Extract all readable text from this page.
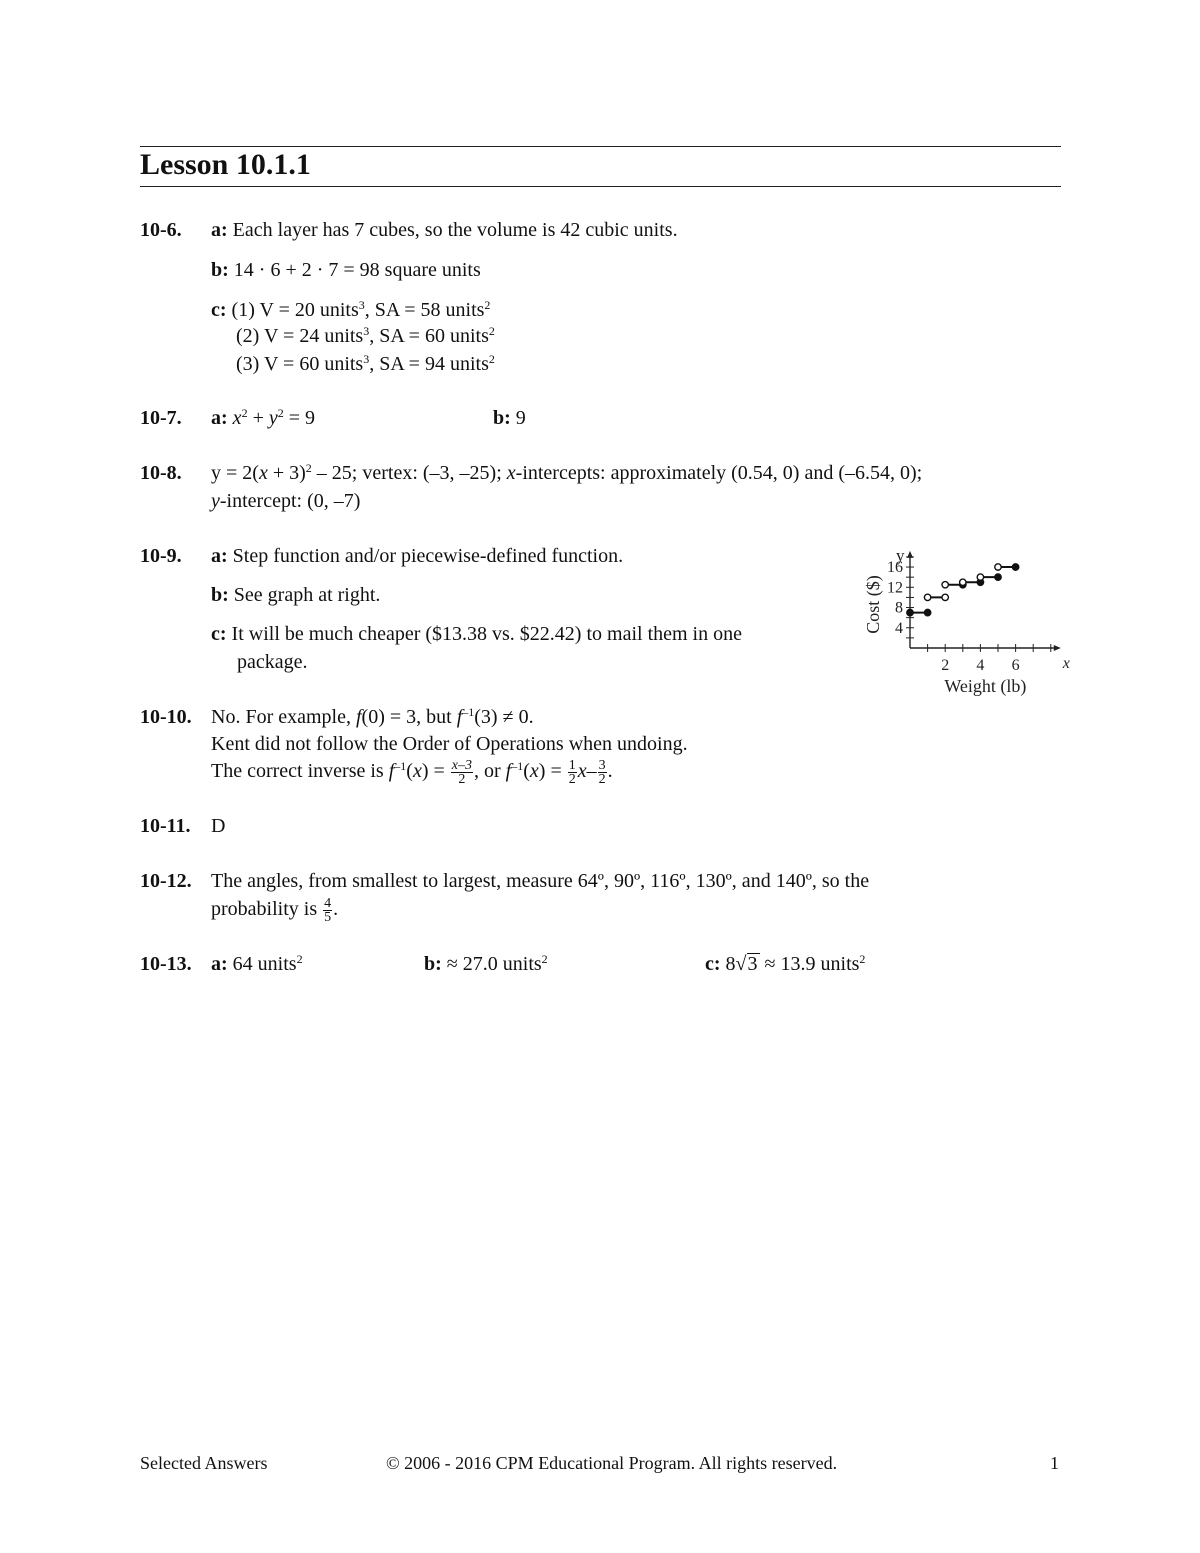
Lesson 10.1.1
10-6. a: Each layer has 7 cubes, so the volume is 42 cubic units.
b: 14 · 6 + 2 · 7 = 98 square units
c: (1) V = 20 units$^3$, SA = 58 units$^2$
(2) V = 24 units$^3$, SA = 60 units$^2$
(3) V = 60 units$^3$, SA = 94 units$^2$
10-7. a: $x^2 + y^2 = 9$	b: 9
10-8. $y = 2(x + 3)^2 - 25$; vertex: (–3, –25); x-intercepts: approximately (0.54, 0) and (–6.54, 0);
y-intercept: (0, –7)
10-9. a: Step function and/or piecewise-defined function.
b: See graph at right.
c: It will be much cheaper ($13.38 vs. $22.42) to mail them in one
package.	2 4 6
4
8
12
16
x
y
Weight (lb)
Cost ($)
10-10. No. For example, f(0) = 3, but $f^{-1}(3) \ne 0$.
Kent did not follow the Order of Operations when undoing.
The correct inverse is $f^{-1}(x) = \frac{x-3}{2}$ , or $f^{-1}(x) = \frac{1}{2} x- \frac{3}{2}$ .
10-11. D
10-12. The angles, from smallest to largest, measure 64º, 90º, 116º, 130º, and 140º, so the
probability is $\frac{4}{5}$ .
10-13. a: 64 units$^2$	b: ≈ 27.0 units$^2$	c: 8√3 ≈ 13.9 units$^2$
Selected Answers	© 2006 - 2016 CPM Educational Program. All rights reserved.	1
